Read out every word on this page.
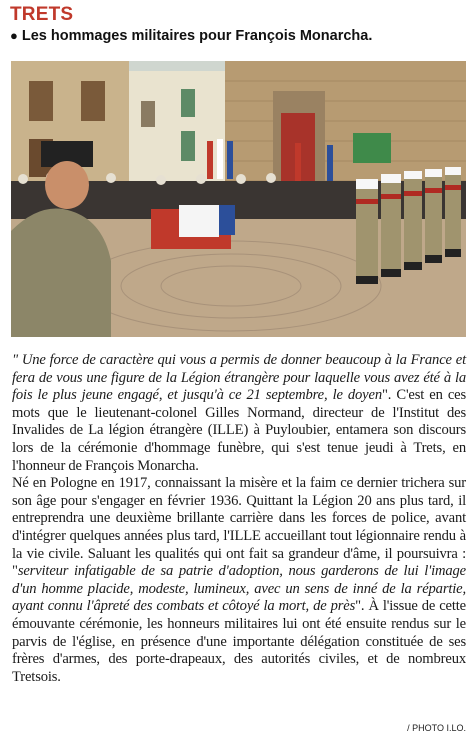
TRETS
● Les hommages militaires pour François Monarcha.

" Une force de caractère qui vous a permis de donner beaucoup à la France et fera de vous une figure de la Légion étrangère pour laquelle vous avez été à la fois le plus jeune engagé, et jusqu'à ce 21 septembre, le doyen". C'est en ces mots que le lieutenant-colonel Gilles Normand, directeur de l'Institut des Invalides de La légion étrangère (ILLE) à Puyloubier, entamera son discours lors de la cérémonie d'hommage funèbre, qui s'est tenue jeudi à Trets, en l'honneur de François Monarcha.

Né en Pologne en 1917, connaissant la misère et la faim ce dernier trichera sur son âge pour s'engager en février 1936. Quittant la Légion 20 ans plus tard, il entreprendra une deuxième brillante carrière dans les forces de police, avant d'intégrer quelques années plus tard, l'ILLE accueillant tout légionnaire rendu à la vie civile. Saluant les qualités qui ont fait sa grandeur d'âme, il poursuivra : "serviteur infatigable de sa patrie d'adoption, nous garderons de lui l'image d'un homme placide, modeste, lumineux, avec un sens de inné de la répartie, ayant connu l'âpreté des combats et côtoyé la mort, de près". À l'issue de cette émouvante cérémonie, les honneurs militaires lui ont été ensuite rendus sur le parvis de l'église, en présence d'une importante délégation constituée de ses frères d'armes, des porte-drapeaux, des autorités civiles, et de nombreux Tretsois.

/ PHOTO I.LO.
